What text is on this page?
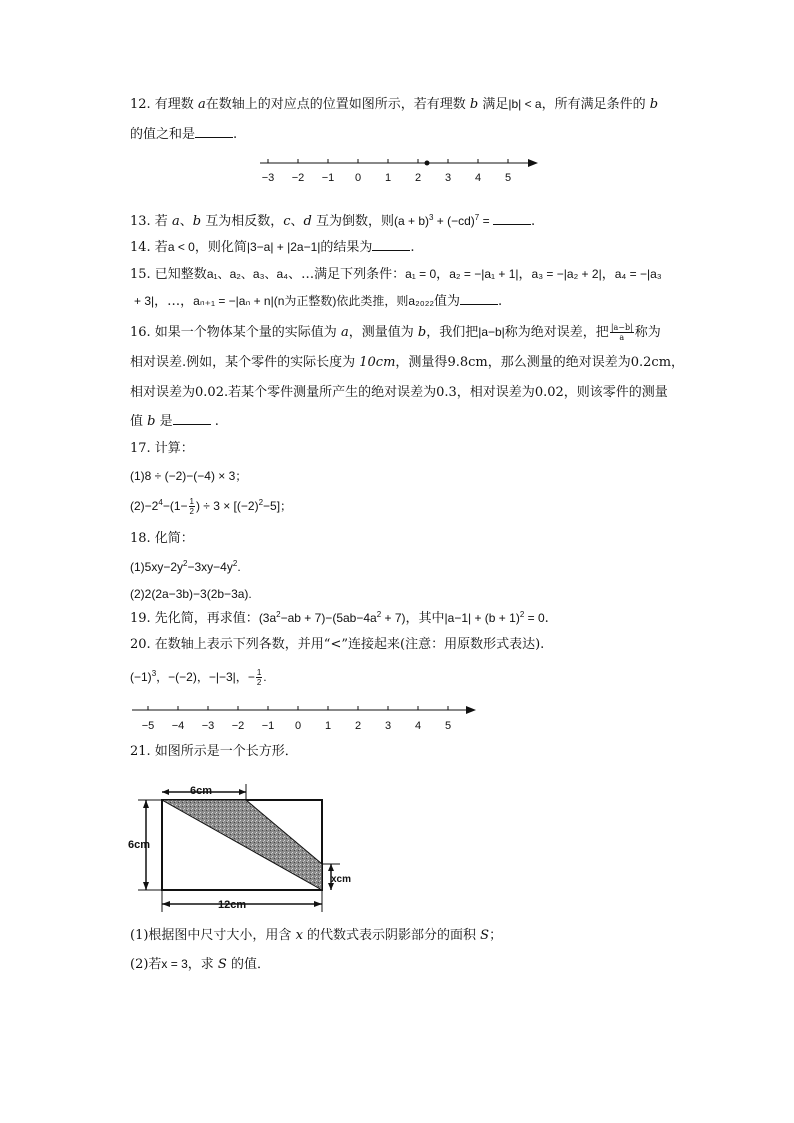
12. 有理数 a在数轴上的对应点的位置如图所示，若有理数 b 满足|b| < a，所有满足条件的 b
的值之和是	.
−3 −2 −1 0 1 2 3 4 5
13. 若 a、b 互为相反数，c、d 互为倒数，则$(a + b)^3 + (-cd)^7$ =	.
14. 若a < 0，则化简|3−a| + |2a−1|的结果为	.
15. 已知整数a₁、a₂、a₃、a₄、…满足下列条件：a₁ = 0，a₂ = −|a₁ + 1|，a₃ = −|a₂ + 2|，a₄ = −|a₃
+ 3|，…，aₙ₊₁ = −|aₙ + n|(n为正整数)依此类推，则a₂₀₂₂值为	.
16. 如果一个物体某个量的实际值为 a，测量值为 b，我们把|a−b|称为绝对误差，把 $\frac{|a-b|}{a}$ 称为
相对误差.例如，某个零件的实际长度为 10cm，测量得9.8cm，那么测量的绝对误差为0.2cm，
相对误差为0.02.若某个零件测量所产生的绝对误差为0.3，相对误差为0.02，则该零件的测量
值 b 是	.
17. 计算：
(1)8 ÷ (−2)−(−4) × 3；
$(2)-2^4-(1- \frac{1}{2}$ ) ÷ $3 \times [(-2)^2-5]$；
18. 化简：
$(1)5xy-2y^2-3xy-4y^2$.
(2)2(2a−3b)−3(2b−3a).
19. 先化简，再求值：$(3a^2-ab + 7)-(5ab-4a^2 + 7)$，其中$|a-1| + (b + 1)^2 = 0$.
20. 在数轴上表示下列各数，并用“<”连接起来(注意：用原数形式表达).
$(-1)^3$，−(−2)，−|−3|，− $\frac{1}{2}$ .
−5 −4 −3 −2 −1 0 1 2 3 4 5
21. 如图所示是一个长方形．
6cm
6cm
12cm
xcm
(1)根据图中尺寸大小，用含 x 的代数式表示阴影部分的面积 S；
(2)若x = 3，求 S 的值．
